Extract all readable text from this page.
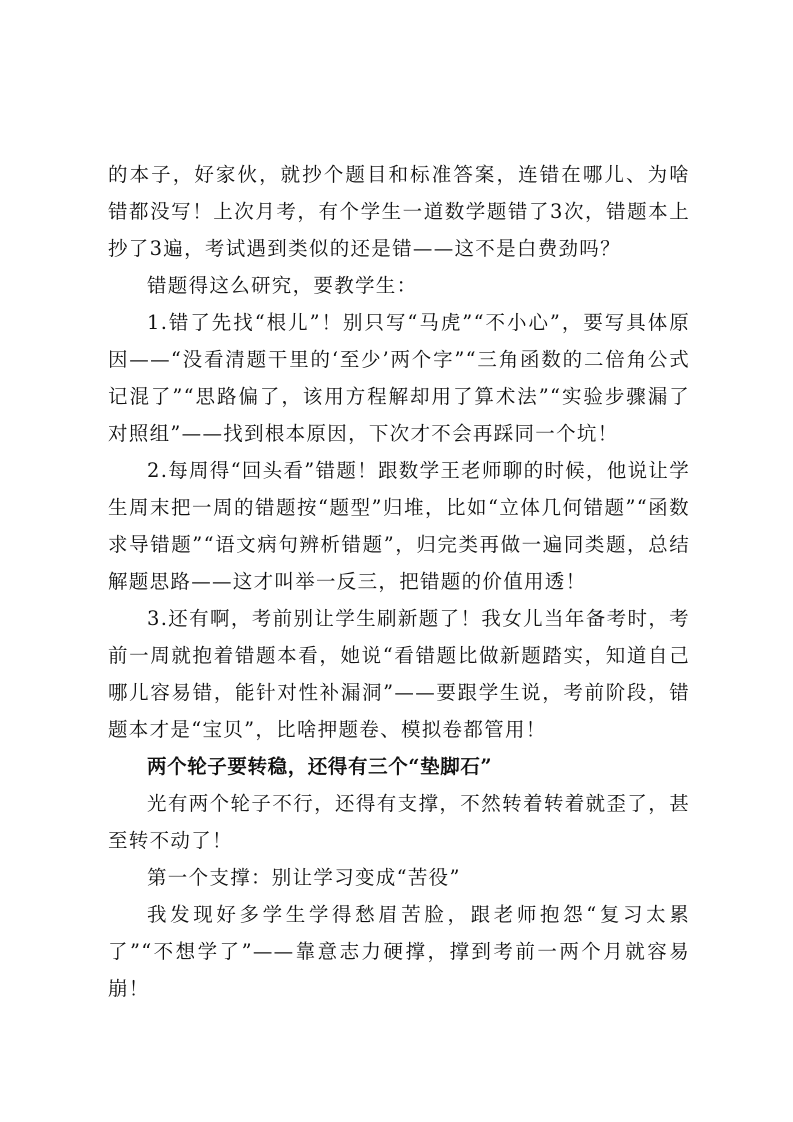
的本子，好家伙，就抄个题目和标准答案，连错在哪儿、为啥错都没写！上次月考，有个学生一道数学题错了3次，错题本上抄了3遍，考试遇到类似的还是错——这不是白费劲吗？

错题得这么研究，要教学生：

1.错了先找“根儿”！别只写“马虎”“不小心”，要写具体原因——“没看清题干里的‘至少’两个字”“三角函数的二倍角公式记混了”“思路偏了，该用方程解却用了算术法”“实验步骤漏了对照组”——找到根本原因，下次才不会再踩同一个坑！

2.每周得“回头看”错题！跟数学王老师聊的时候，他说让学生周末把一周的错题按“题型”归堆，比如“立体几何错题”“函数求导错题”“语文病句辨析错题”，归完类再做一遍同类题，总结解题思路——这才叫举一反三，把错题的价值用透！

3.还有啊，考前别让学生刷新题了！我女儿当年备考时，考前一周就抱着错题本看，她说“看错题比做新题踏实，知道自己哪儿容易错，能针对性补漏洞”——要跟学生说，考前阶段，错题本才是“宝贝”，比啥押题卷、模拟卷都管用！

两个轮子要转稳，还得有三个“垫脚石”

光有两个轮子不行，还得有支撑，不然转着转着就歪了，甚至转不动了！

第一个支撑：别让学习变成“苦役”

我发现好多学生学得愁眉苦脸，跟老师抱怨“复习太累了”“不想学了”——靠意志力硬撑，撑到考前一两个月就容易崩！
